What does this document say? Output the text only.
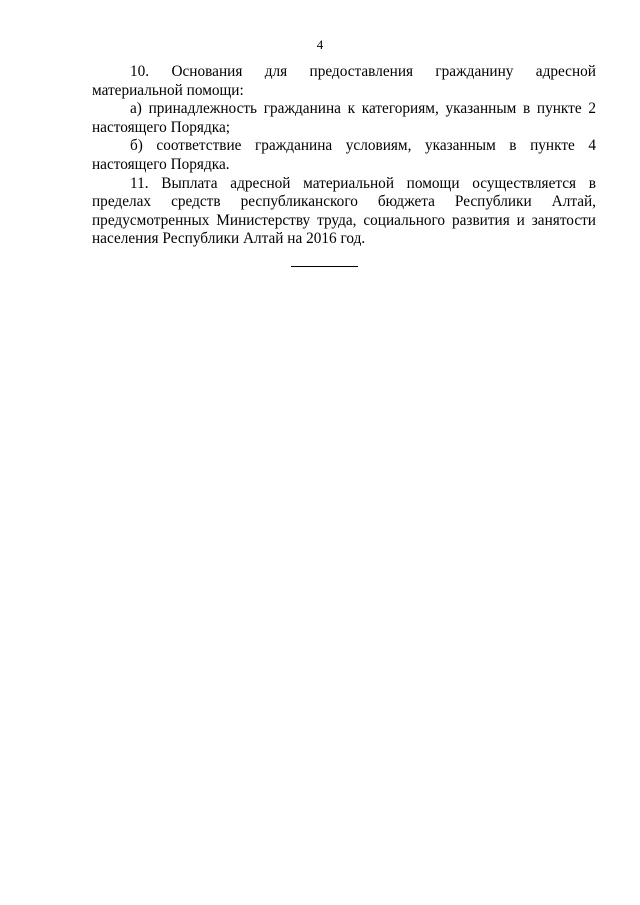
4

10. Основания для предоставления гражданину адресной материальной помощи:

а) принадлежность гражданина к категориям, указанным в пункте 2 настоящего Порядка;

б) соответствие гражданина условиям, указанным в пункте 4 настоящего Порядка.

11. Выплата адресной материальной помощи осуществляется в пределах средств республиканского бюджета Республики Алтай, предусмотренных Министерству труда, социального развития и занятости населения Республики Алтай на 2016 год.
